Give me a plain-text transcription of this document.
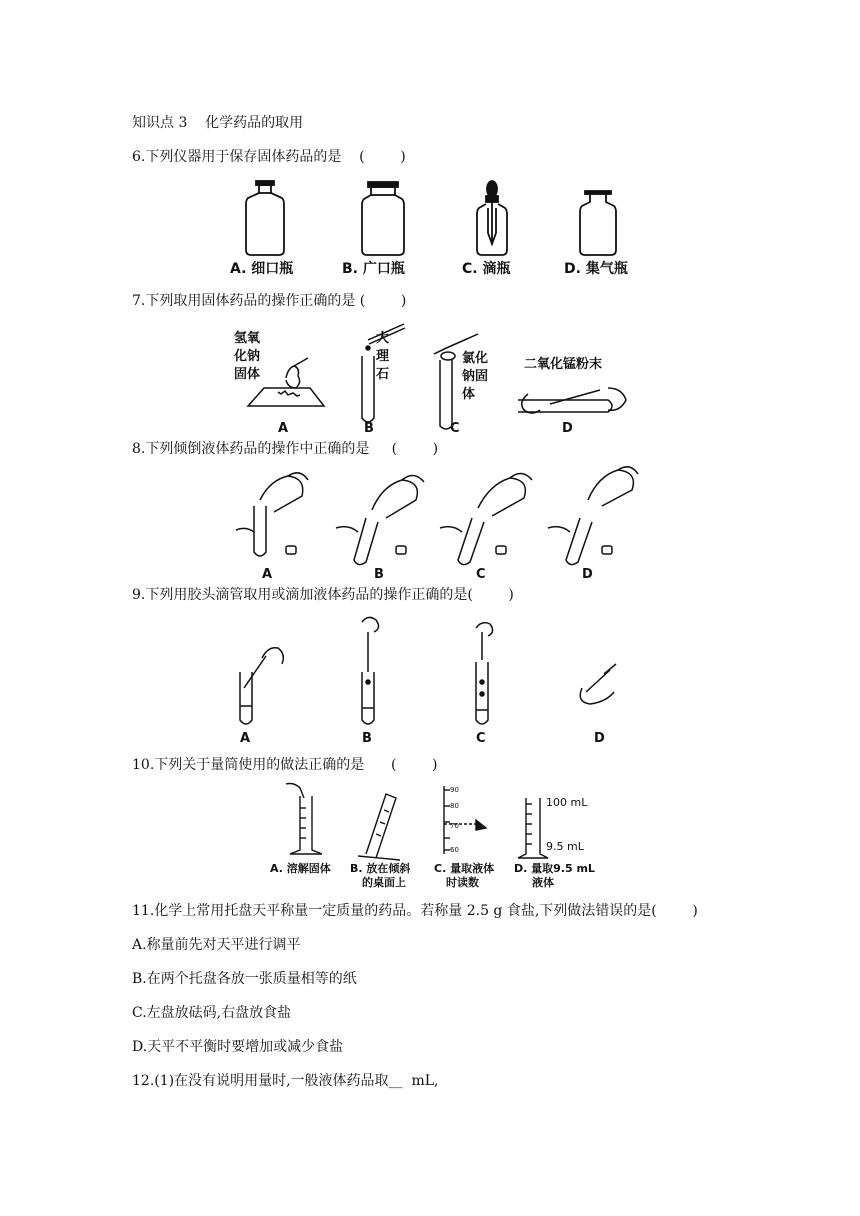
知识点 3    化学药品的取用
6.下列仪器用于保存固体药品的是    (        )
A. 细口瓶	B. 广口瓶	C. 滴瓶	D. 集气瓶
7.下列取用固体药品的操作正确的是 (        )
氢氧
化钠
固体
大
理
石
氯化
钠固
体
二氧化锰粉末
A	B	C	D
8.下列倾倒液体药品的操作中正确的是     (        )
A	B	C	D
9.下列用胶头滴管取用或滴加液体药品的操作正确的是(        )
A	B	C	D
10.下列关于量筒使用的做法正确的是      (        )
90
80
70
60
100 mL
9.5 mL
A. 溶解固体 B. 放在倾斜
的桌面上
C. 量取液体
时读数
D. 量取9.5 mL
液体
11.化学上常用托盘天平称量一定质量的药品。若称量 2.5 g 食盐,下列做法错误的是(        )
A.称量前先对天平进行调平
B.在两个托盘各放一张质量相等的纸
C.左盘放砝码,右盘放食盐
D.天平不平衡时要增加或减少食盐
12.(1)在没有说明用量时,一般液体药品取__  mL,
